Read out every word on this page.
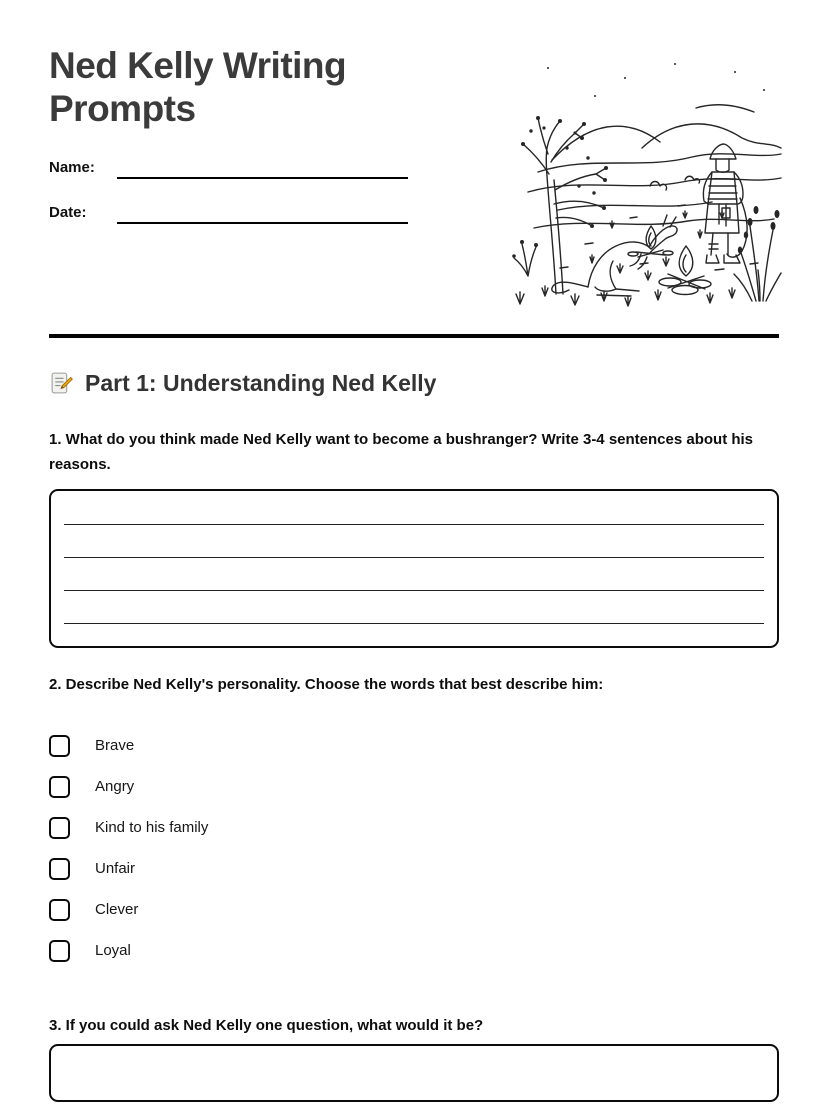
Ned Kelly Writing Prompts
Name:
Date:
Part 1: Understanding Ned Kelly

1. What do you think made Ned Kelly want to become a bushranger? Write 3-4 sentences about his reasons.

2. Describe Ned Kelly's personality. Choose the words that best describe him:

Brave
Angry
Kind to his family
Unfair
Clever
Loyal

3. If you could ask Ned Kelly one question, what would it be?
